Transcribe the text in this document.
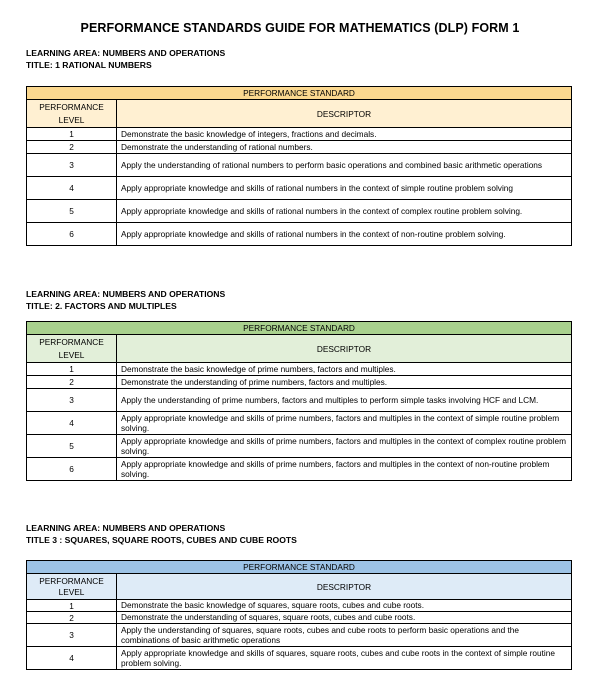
PERFORMANCE STANDARDS GUIDE FOR MATHEMATICS (DLP) FORM 1
LEARNING AREA: NUMBERS AND OPERATIONS
TITLE: 1 RATIONAL NUMBERS
PERFORMANCE STANDARD	
PERFORMANCE LEVEL	DESCRIPTOR
1	Demonstrate the basic knowledge of integers, fractions and decimals.
2	Demonstrate the understanding of rational numbers.
3	Apply the understanding of rational numbers to perform basic operations and combined basic arithmetic operations
4	Apply appropriate knowledge and skills of rational numbers in the context of simple routine problem solving
5	Apply appropriate knowledge and skills of rational numbers in the context of complex routine problem solving.
6	Apply appropriate knowledge and skills of rational numbers in the context of non-routine problem solving.
LEARNING AREA: NUMBERS AND OPERATIONS
TITLE: 2. FACTORS AND MULTIPLES
PERFORMANCE STANDARD	
PERFORMANCE LEVEL	DESCRIPTOR
1	Demonstrate the basic knowledge of prime numbers, factors and multiples.
2	Demonstrate the understanding of prime numbers, factors and multiples.
3	Apply the understanding of prime numbers, factors and multiples to perform simple tasks involving HCF and LCM.
4	Apply appropriate knowledge and skills of prime numbers, factors and multiples in the context of simple routine problem solving.
5	Apply appropriate knowledge and skills of prime numbers, factors and multiples in the context of complex routine problem solving.
6	Apply appropriate knowledge and skills of prime numbers, factors and multiples in the context of non-routine problem solving.
LEARNING AREA: NUMBERS AND OPERATIONS
TITLE 3 : SQUARES, SQUARE ROOTS, CUBES AND CUBE ROOTS
PERFORMANCE STANDARD	
PERFORMANCE LEVEL	DESCRIPTOR
1	Demonstrate the basic knowledge of squares, square roots, cubes and cube roots.
2	Demonstrate the understanding of squares, square roots, cubes and cube roots.
3	Apply the understanding of squares, square roots, cubes and cube roots to perform basic operations and the combinations of basic arithmetic operations
4	Apply appropriate knowledge and skills of squares, square roots, cubes and cube roots in the context of simple routine problem solving.
